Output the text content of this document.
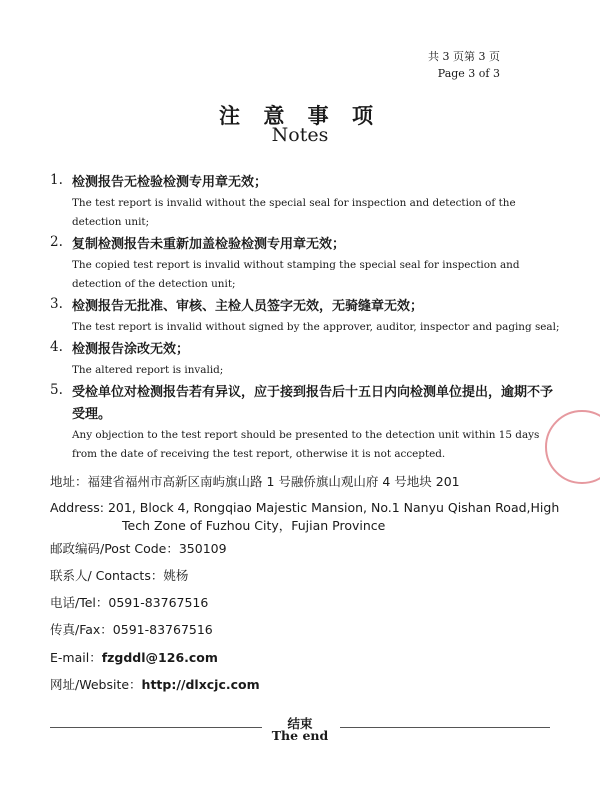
共 3 页第 3 页
Page 3 of 3
注 意 事 项
Notes
1. 检测报告无检验检测专用章无效；
The test report is invalid without the special seal for inspection and detection of the detection unit;
2. 复制检测报告未重新加盖检验检测专用章无效；
The copied test report is invalid without stamping the special seal for inspection and detection of the detection unit;
3. 检测报告无批准、审核、主检人员签字无效，无骑缝章无效；
The test report is invalid without signed by the approver, auditor, inspector and paging seal;
4. 检测报告涂改无效；
The altered report is invalid;
5. 受检单位对检测报告若有异议，应于接到报告后十五日内向检测单位提出，逾期不予受理。
Any objection to the test report should be presented to the detection unit within 15 days from the date of receiving the test report, otherwise it is not accepted.
地址：福建省福州市高新区南屿旗山路 1 号融侨旗山观山府 4 号地块 201
Address: 201, Block 4, Rongqiao Majestic Mansion, No.1 Nanyu Qishan Road,High
Tech Zone of Fuzhou City，Fujian Province
邮政编码/Post Code：350109
联系人/ Contacts：姚杨
电话/Tel：0591-83767516
传真/Fax：0591-83767516
E-mail：fzgddl@126.com
网址/Website：http://dlxcjc.com
结束
The end
